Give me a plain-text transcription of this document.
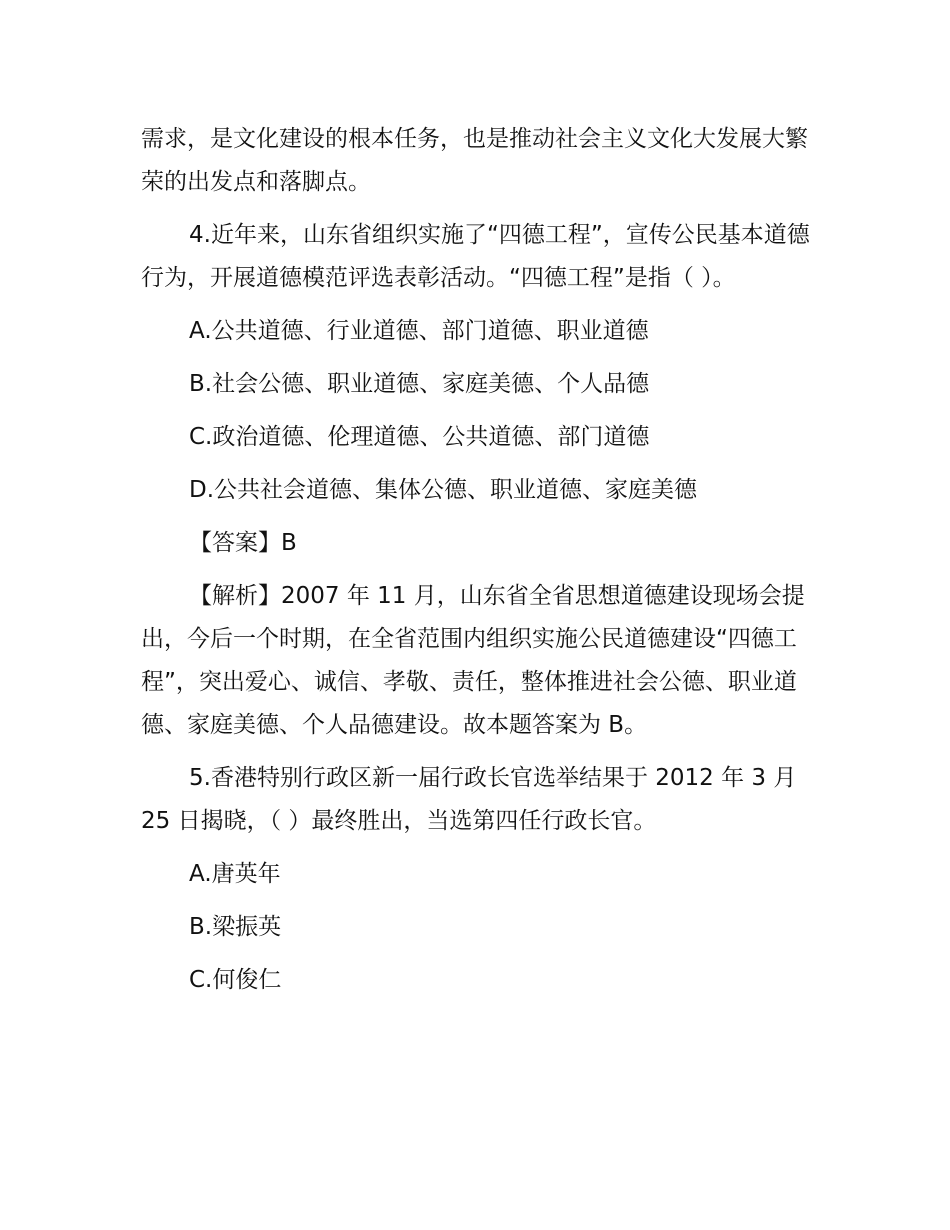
需求，是文化建设的根本任务，也是推动社会主义文化大发展大繁荣的出发点和落脚点。

4.近年来，山东省组织实施了“四德工程”，宣传公民基本道德行为，开展道德模范评选表彰活动。“四德工程”是指（ ）。

A.公共道德、行业道德、部门道德、职业道德

B.社会公德、职业道德、家庭美德、个人品德

C.政治道德、伦理道德、公共道德、部门道德

D.公共社会道德、集体公德、职业道德、家庭美德

【答案】B

【解析】2007 年 11 月，山东省全省思想道德建设现场会提出，今后一个时期，在全省范围内组织实施公民道德建设“四德工程”，突出爱心、诚信、孝敬、责任，整体推进社会公德、职业道德、家庭美德、个人品德建设。故本题答案为 B。

5.香港特别行政区新一届行政长官选举结果于 2012 年 3 月 25 日揭晓，（ ）最终胜出，当选第四任行政长官。

A.唐英年

B.梁振英

C.何俊仁
